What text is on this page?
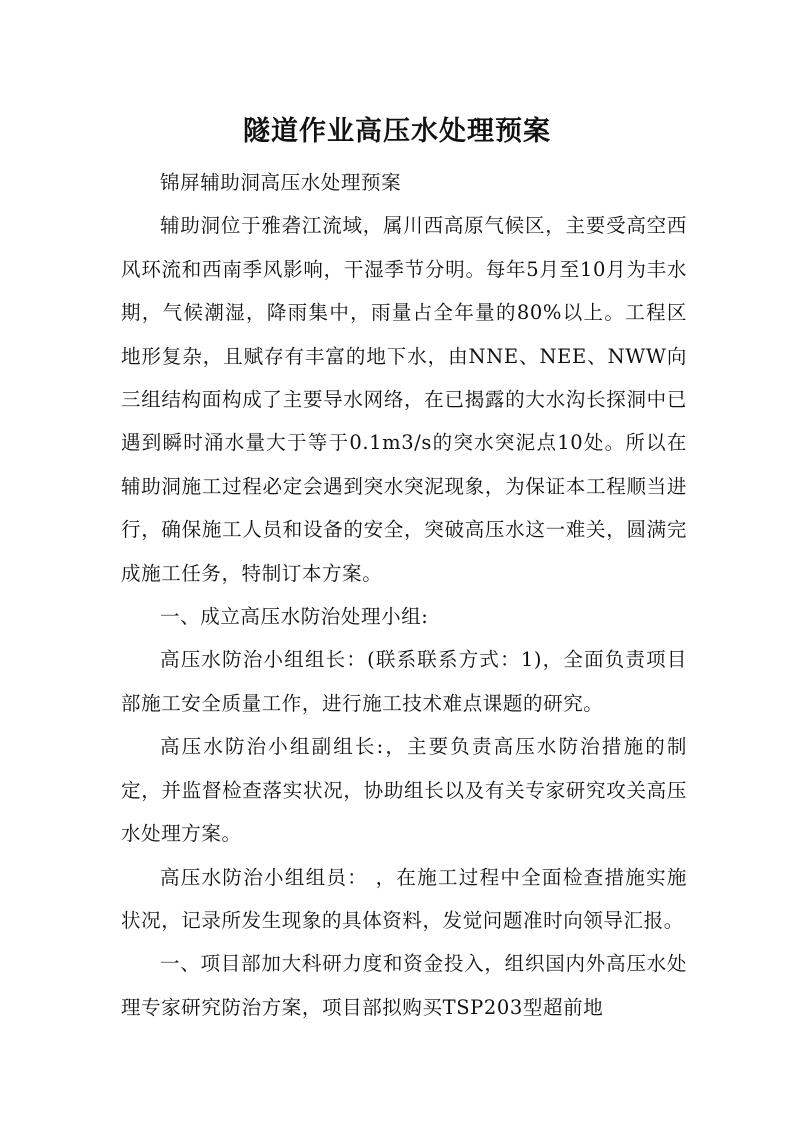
隧道作业高压水处理预案

锦屏辅助洞高压水处理预案

辅助洞位于雅砻江流域，属川西高原气候区，主要受高空西风环流和西南季风影响，干湿季节分明。每年5月至10月为丰水期，气候潮湿，降雨集中，雨量占全年量的80%以上。工程区地形复杂，且赋存有丰富的地下水，由NNE、NEE、NWW向三组结构面构成了主要导水网络，在已揭露的大水沟长探洞中已遇到瞬时涌水量大于等于0.1m3/s的突水突泥点10处。所以在辅助洞施工过程必定会遇到突水突泥现象，为保证本工程顺当进行，确保施工人员和设备的安全，突破高压水这一难关，圆满完成施工任务，特制订本方案。

一、成立高压水防治处理小组:

高压水防治小组组长：(联系联系方式：1)，全面负责项目部施工安全质量工作，进行施工技术难点课题的研究。

高压水防治小组副组长:，主要负责高压水防治措施的制定，并监督检查落实状况，协助组长以及有关专家研究攻关高压水处理方案。

高压水防治小组组员： ，在施工过程中全面检查措施实施状况，记录所发生现象的具体资料，发觉问题准时向领导汇报。

一、项目部加大科研力度和资金投入，组织国内外高压水处理专家研究防治方案，项目部拟购买TSP203型超前地
